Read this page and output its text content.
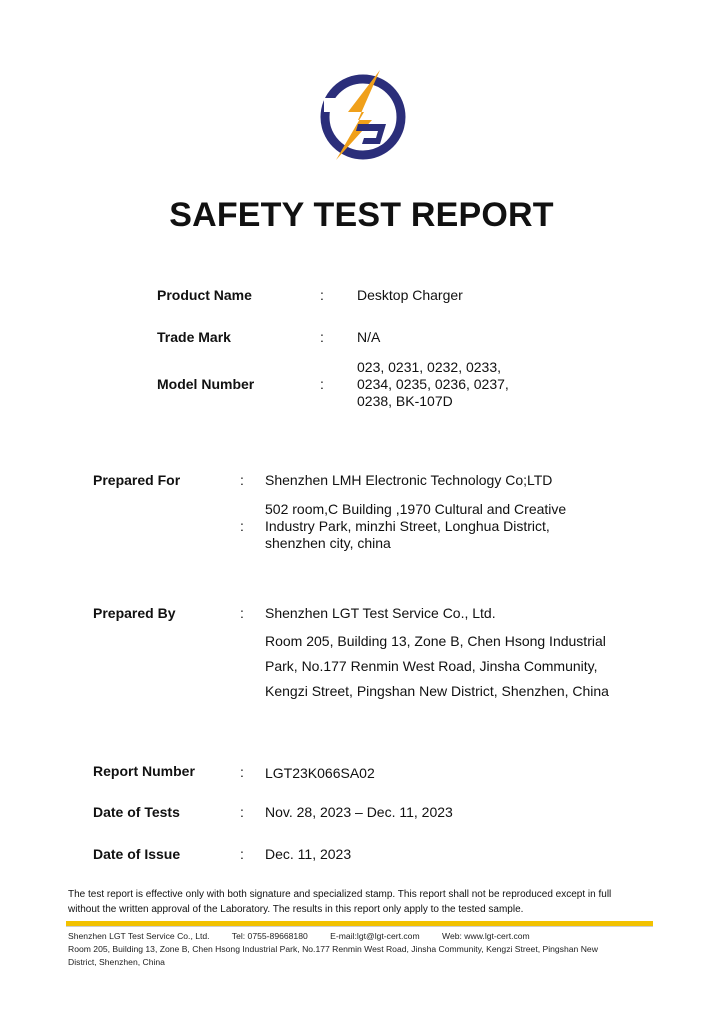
SAFETY TEST REPORT
Product Name	: Desktop Charger
Trade Mark	: N/A
Model Number	:
023, 0231, 0232, 0233,
0234, 0235, 0236, 0237,
0238, BK-107D
Prepared For	: Shenzhen LMH Electronic Technology Co;LTD
:
502 room,C Building ,1970 Cultural and Creative
Industry Park, minzhi Street, Longhua District,
shenzhen city, china
Prepared By	: Shenzhen LGT Test Service Co., Ltd.
Room 205, Building 13, Zone B, Chen Hsong Industrial
Park, No.177 Renmin West Road, Jinsha Community,
Kengzi Street, Pingshan New District, Shenzhen, China
Report Number	: LGT23K066SA02
Date of Tests	: Nov. 28, 2023 – Dec. 11, 2023
Date of Issue	: Dec. 11, 2023
The test report is effective only with both signature and specialized stamp. This report shall not be reproduced except in full
without the written approval of the Laboratory. The results in this report only apply to the tested sample.
Shenzhen LGT Test Service Co., Ltd.	Tel: 0755-89668180	E-mail:lgt@lgt-cert.com	Web: www.lgt-cert.com
Room 205, Building 13, Zone B, Chen Hsong Industrial Park, No.177 Renmin West Road, Jinsha Community, Kengzi Street, Pingshan New
District, Shenzhen, China
